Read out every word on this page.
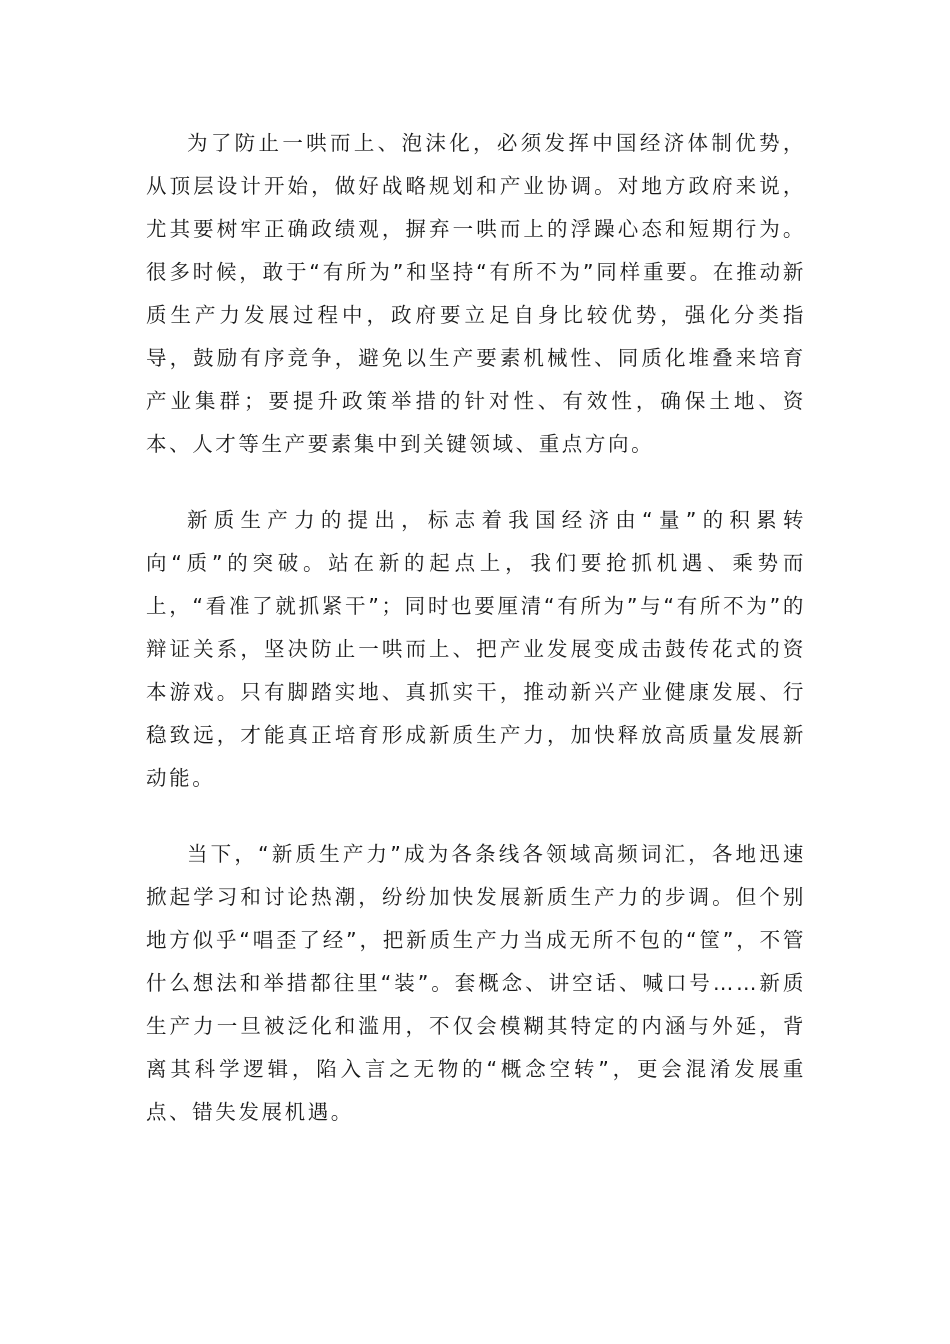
为了防止一哄而上、泡沫化，必须发挥中国经济体制优势，从顶层设计开始，做好战略规划和产业协调。对地方政府来说，尤其要树牢正确政绩观，摒弃一哄而上的浮躁心态和短期行为。很多时候，敢于“有所为”和坚持“有所不为”同样重要。在推动新质生产力发展过程中，政府要立足自身比较优势，强化分类指导，鼓励有序竞争，避免以生产要素机械性、同质化堆叠来培育产业集群；要提升政策举措的针对性、有效性，确保土地、资本、人才等生产要素集中到关键领域、重点方向。

新质生产力的提出，标志着我国经济由“量”的积累转向“质”的突破。站在新的起点上，我们要抢抓机遇、乘势而上，“看准了就抓紧干”；同时也要厘清“有所为”与“有所不为”的辩证关系，坚决防止一哄而上、把产业发展变成击鼓传花式的资本游戏。只有脚踏实地、真抓实干，推动新兴产业健康发展、行稳致远，才能真正培育形成新质生产力，加快释放高质量发展新动能。

当下，“新质生产力”成为各条线各领域高频词汇，各地迅速掀起学习和讨论热潮，纷纷加快发展新质生产力的步调。但个别地方似乎“唱歪了经”，把新质生产力当成无所不包的“筐”，不管什么想法和举措都往里“装”。套概念、讲空话、喊口号……新质生产力一旦被泛化和滥用，不仅会模糊其特定的内涵与外延，背离其科学逻辑，陷入言之无物的“概念空转”，更会混淆发展重点、错失发展机遇。
